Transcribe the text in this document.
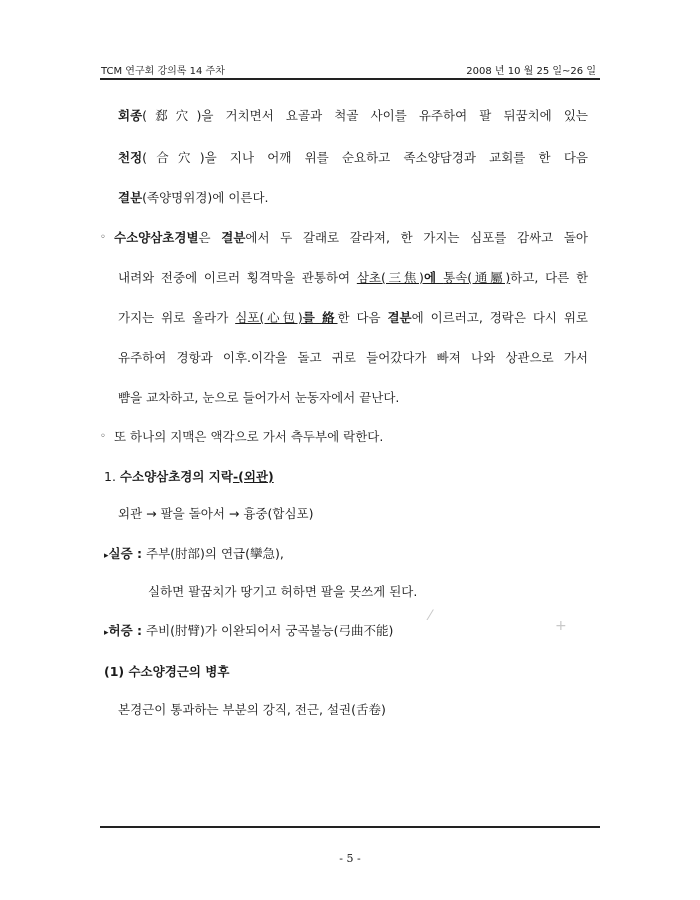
TCM 연구회 강의록 14 주차	2008 년 10 월 25 일~26 일
회종(郄穴)을 거치면서 요골과 척골 사이를 유주하여 팔 뒤꿈치에 있는
천정(合穴)을 지나 어깨 위를 순요하고 족소양담경과 교회를 한 다음
결분(족양명위경)에 이른다.
◦ 수소양삼초경별은 결분에서 두 갈래로 갈라져, 한 가지는 심포를 감싸고 돌아
내려와 전중에 이르러 횡격막을 관통하여 삼초(三焦)에 통속(通屬)하고, 다른 한
가지는 위로 올라가 심포(心包)를 絡한 다음 결분에 이르러고, 경락은 다시 위로
유주하여 경항과 이후.이각을 돌고 귀로 들어갔다가 빠져 나와 상관으로 가서
뺨을 교차하고, 눈으로 들어가서 눈동자에서 끝난다.
◦ 또 하나의 지맥은 액각으로 가서 측두부에 락한다.
1. 수소양삼초경의 지락-(외관)
외관 → 팔을 돌아서 → 흉중(합심포)
▸실증 : 주부(肘部)의 연급(攣急),
실하면 팔꿈치가 땅기고 허하면 팔을 못쓰게 된다.
▸허증 : 주비(肘臂)가 이완되어서 궁곡불능(弓曲不能)
(1) 수소양경근의 병후
본경근이 통과하는 부분의 강직, 전근, 설권(舌卷)
⁄
+
- 5 -
